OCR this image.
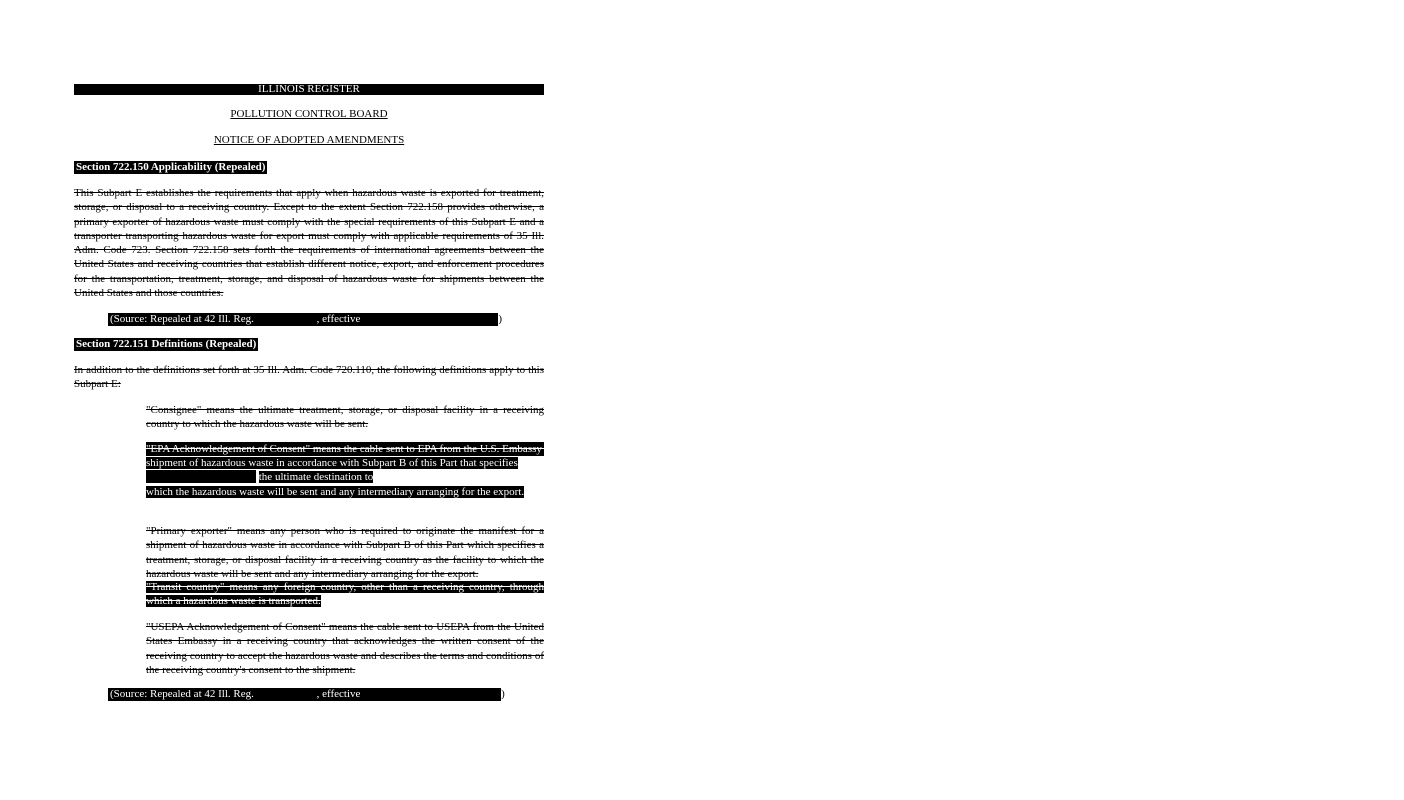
ILLINOIS REGISTER
POLLUTION CONTROL BOARD
NOTICE OF ADOPTED AMENDMENTS
Section 722.150 Applicability (Repealed)
This Subpart E establishes the requirements that apply when hazardous waste is exported for treatment, storage, or disposal to a receiving country. Except to the extent Section 722.158 provides otherwise, a primary exporter of hazardous waste must comply with the special requirements of this Subpart E and a transporter transporting hazardous waste for export must comply with applicable requirements of 35 Ill. Adm. Code 723. Section 722.158 sets forth the requirements of international agreements between the United States and receiving countries that establish different notice, export, and enforcement procedures for the transportation, treatment, storage, and disposal of hazardous waste for shipments between the United States and those countries.
(Source: Repealed at 42 Ill. Reg.	, effective	)
Section 722.151 Definitions (Repealed)
In addition to the definitions set forth at 35 Ill. Adm. Code 720.110, the following definitions apply to this Subpart E:
"Consignee" means the ultimate treatment, storage, or disposal facility in a receiving country to which the hazardous waste will be sent.
"EPA Acknowledgement of Consent" means the cable sent to EPA from the U.S. Embassy in a receiving country that acknowledges the written consent of the receiving country to accept the hazardous waste and describes the terms and conditions of the receiving country's consent to the
shipment of hazardous waste in accordance with Subpart B of this Part that specifies
the ultimate destination to
which the hazardous waste will be sent and any intermediary arranging for the export.
"Primary exporter" means any person who is required to originate the manifest for a shipment of hazardous waste in accordance with Subpart B of this Part which specifies a treatment, storage, or disposal facility in a receiving country as the facility to which the hazardous waste will be sent and any intermediary arranging for the export.
"Transit country" means any foreign country, other than a receiving country, through which a hazardous waste is transported.
"USEPA Acknowledgement of Consent" means the cable sent to USEPA from the United States Embassy in a receiving country that acknowledges the written consent of the receiving country to accept the hazardous waste and describes the terms and conditions of the receiving country's consent to the shipment.
(Source: Repealed at 42 Ill. Reg.	, effective	)
